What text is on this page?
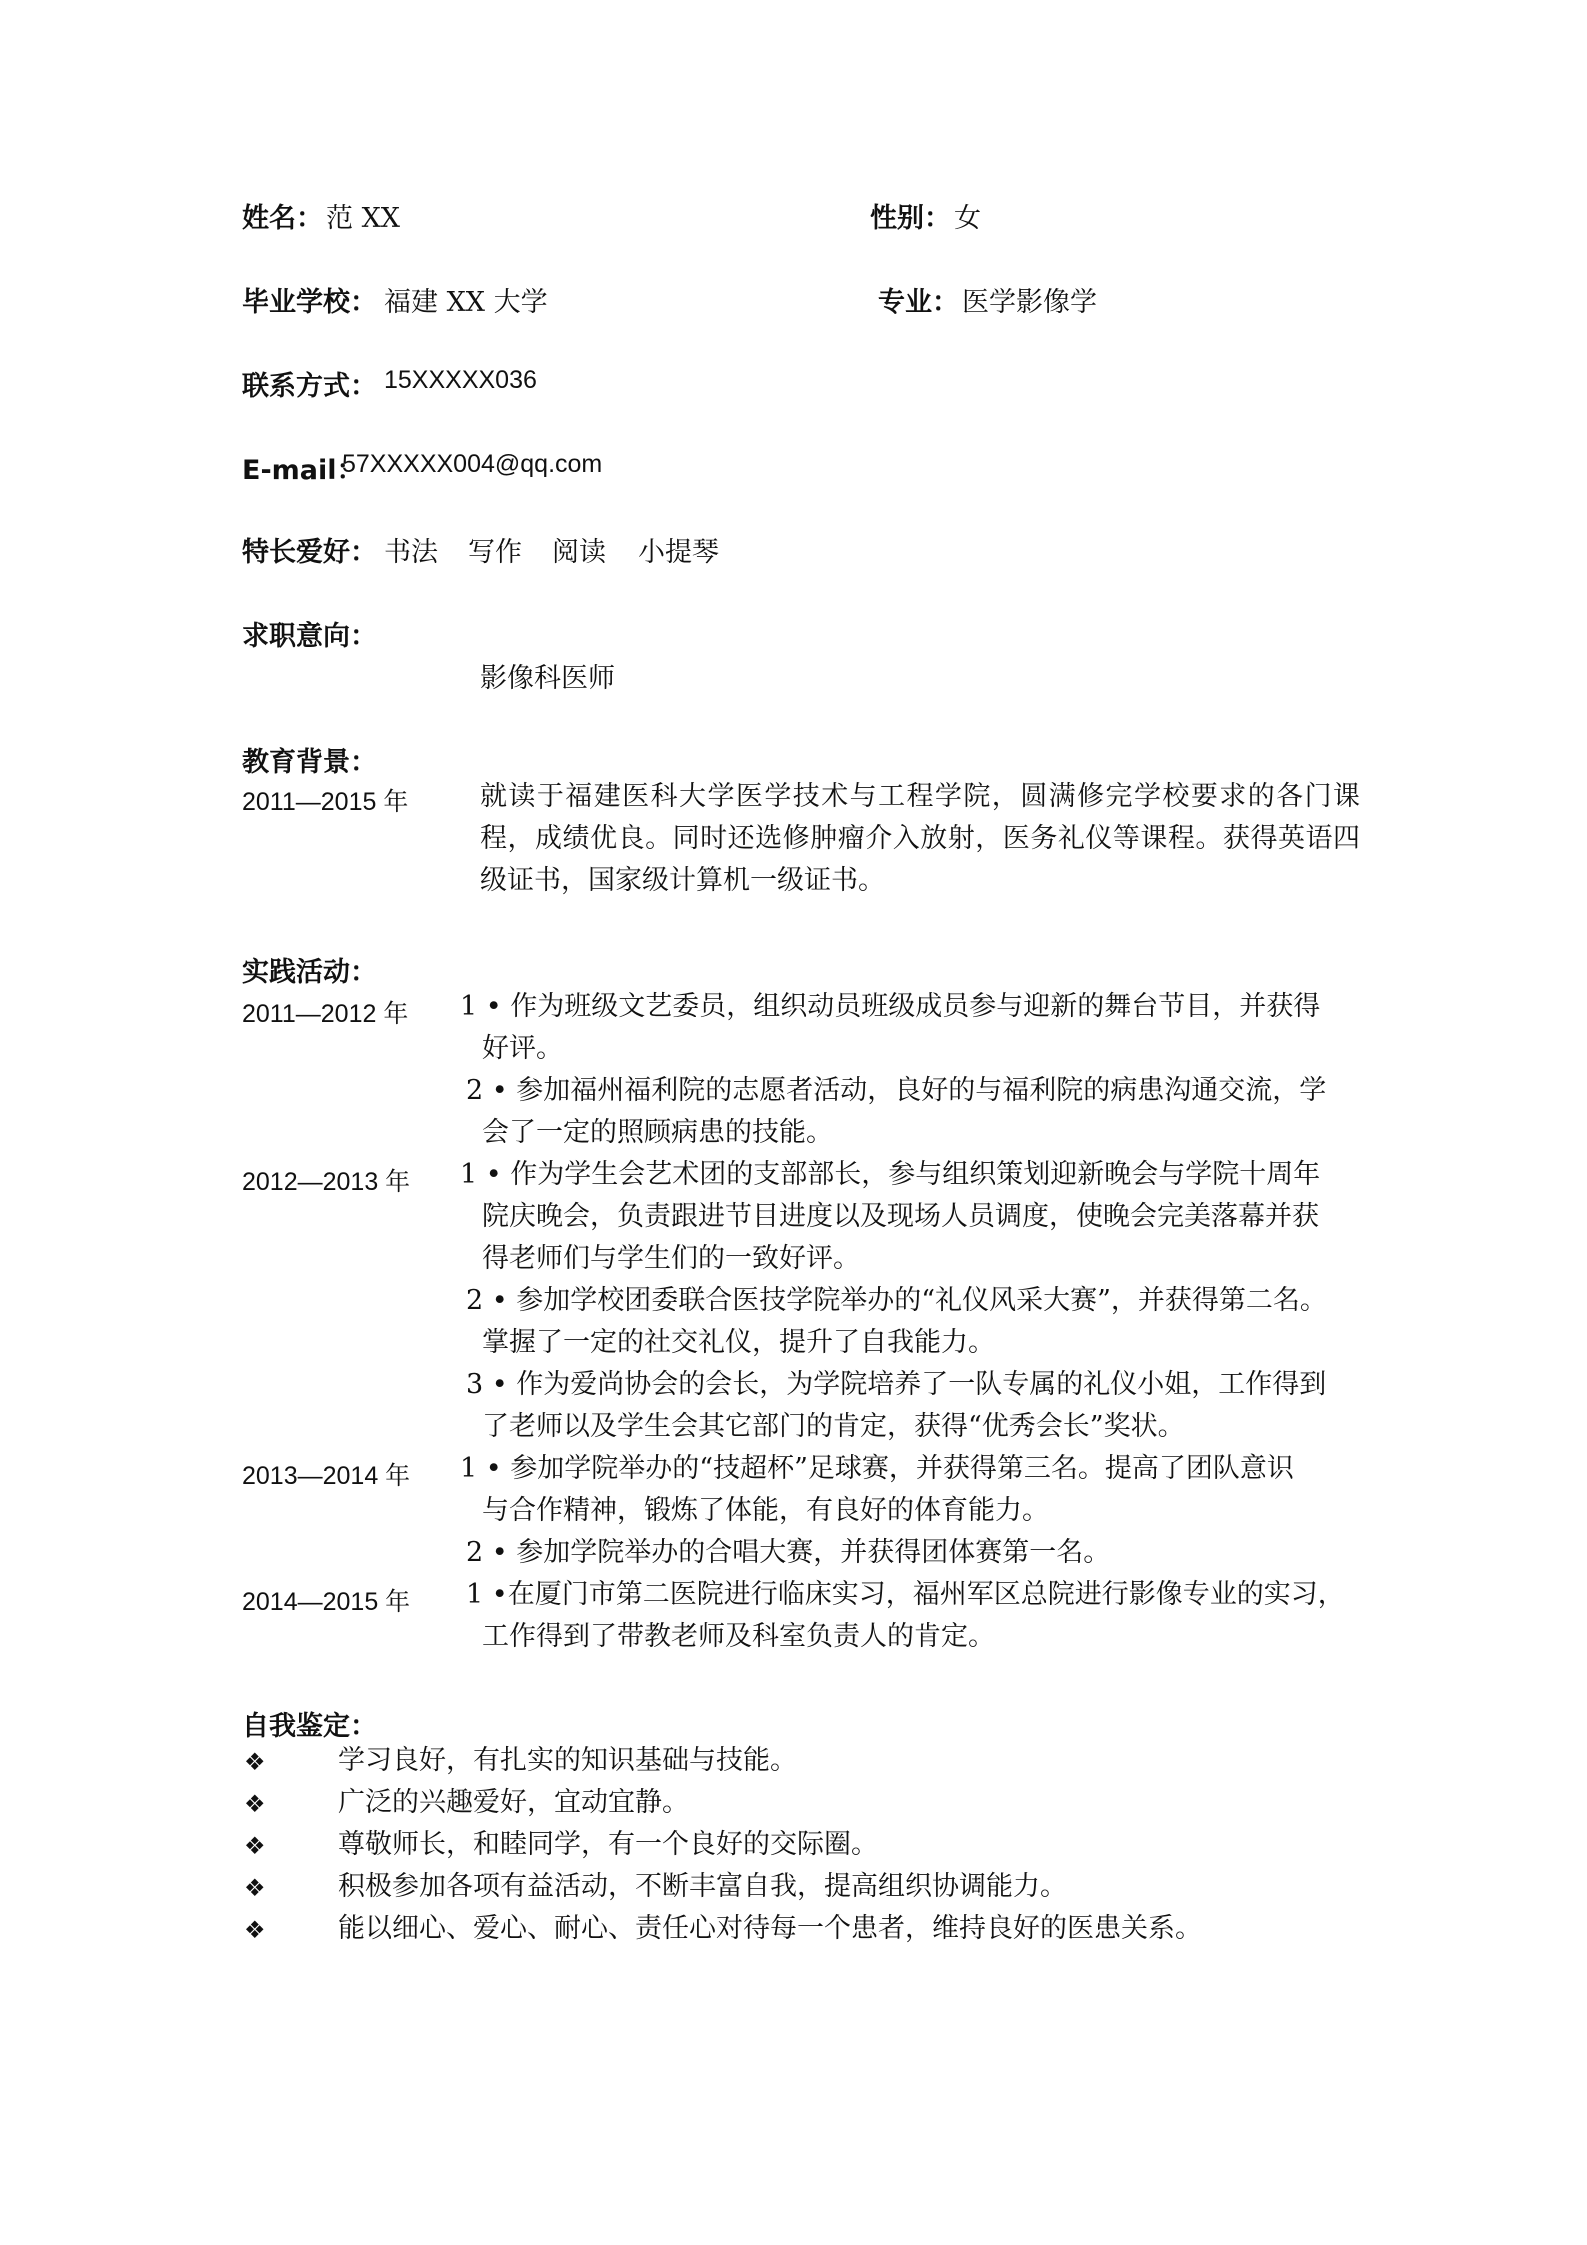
姓名： 范 XX	性别： 女
毕业学校： 福建 XX 大学	专业： 医学影像学
联系方式： 15XXXXX036
E-mail：
57XXXXX004@qq.com
特长爱好： 书法 写作 阅读 小提琴
求职意向：
影像科医师
教育背景：
2011—2015 年	就读于福建医科大学医学技术与工程学院，圆满修完学校要求的各门课程，成绩优良。同时还选修肿瘤介入放射，医务礼仪等课程。获得英语四级证书，国家级计算机一级证书。
实践活动：
2011—2012 年 1 • 作为班级文艺委员，组织动员班级成员参与迎新的舞台节目，并获得
好评。
2 • 参加福州福利院的志愿者活动，良好的与福利院的病患沟通交流，学
会了一定的照顾病患的技能。
2012—2013 年 1 • 作为学生会艺术团的支部部长，参与组织策划迎新晚会与学院十周年
院庆晚会，负责跟进节目进度以及现场人员调度，使晚会完美落幕并获
得老师们与学生们的一致好评。
2 • 参加学校团委联合医技学院举办的“礼仪风采大赛”，并获得第二名。
掌握了一定的社交礼仪，提升了自我能力。
3 • 作为爱尚协会的会长，为学院培养了一队专属的礼仪小姐，工作得到
了老师以及学生会其它部门的肯定，获得“优秀会长”奖状。
2013—2014 年 1 • 参加学院举办的“技超杯”足球赛，并获得第三名。提高了团队意识
与合作精神，锻炼了体能，有良好的体育能力。
2 • 参加学院举办的合唱大赛，并获得团体赛第一名。
2014—2015 年 1 •在厦门市第二医院进行临床实习，福州军区总院进行影像专业的实习，
工作得到了带教老师及科室负责人的肯定。
自我鉴定：
❖	学习良好，有扎实的知识基础与技能。
❖	广泛的兴趣爱好，宜动宜静。
❖	尊敬师长，和睦同学，有一个良好的交际圈。
❖	积极参加各项有益活动，不断丰富自我，提高组织协调能力。
❖	能以细心、爱心、耐心、责任心对待每一个患者，维持良好的医患关系。
